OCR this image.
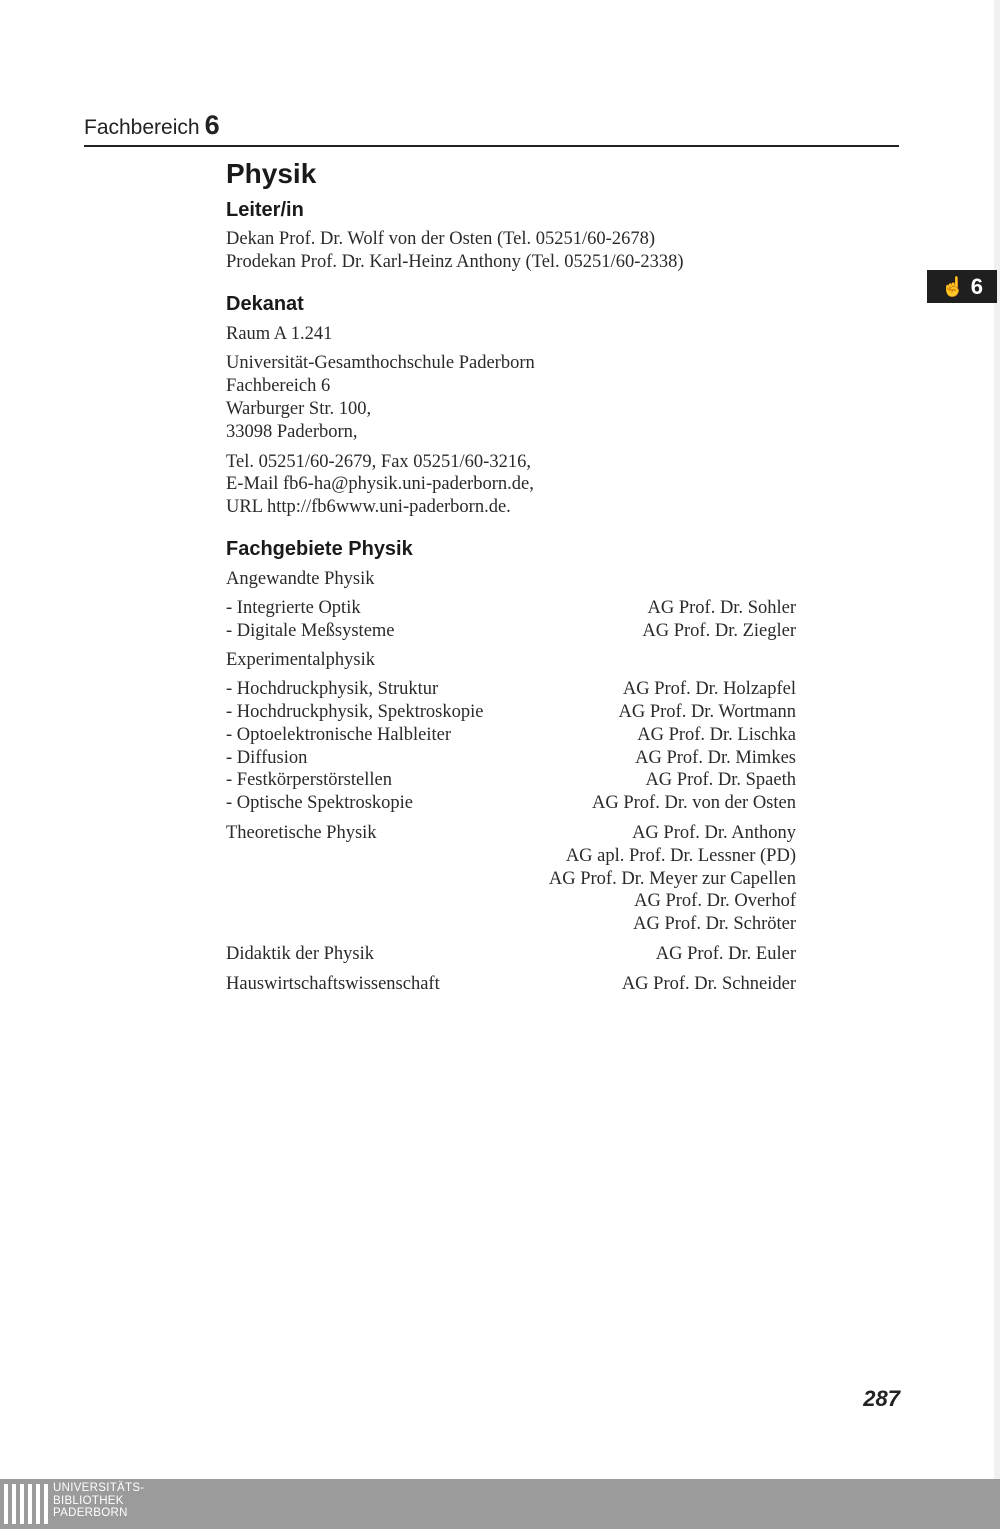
Fachbereich 6
☝ 6
Physik
Leiter/in
Dekan Prof. Dr. Wolf von der Osten (Tel. 05251/60-2678)
Prodekan Prof. Dr. Karl-Heinz Anthony (Tel. 05251/60-2338)
Dekanat
Raum A 1.241
Universität-Gesamthochschule Paderborn
Fachbereich 6
Warburger Str. 100,
33098 Paderborn,
Tel. 05251/60-2679, Fax 05251/60-3216,
E-Mail fb6-ha@physik.uni-paderborn.de,
URL http://fb6www.uni-paderborn.de.
Fachgebiete Physik
Angewandte Physik
- Integrierte Optik	AG Prof. Dr. Sohler
- Digitale Meßsysteme	AG Prof. Dr. Ziegler
Experimentalphysik
- Hochdruckphysik, Struktur	AG Prof. Dr. Holzapfel
- Hochdruckphysik, Spektroskopie	AG Prof. Dr. Wortmann
- Optoelektronische Halbleiter	AG Prof. Dr. Lischka
- Diffusion	AG Prof. Dr. Mimkes
- Festkörperstörstellen	AG Prof. Dr. Spaeth
- Optische Spektroskopie	AG Prof. Dr. von der Osten
Theoretische Physik	AG Prof. Dr. Anthony
AG apl. Prof. Dr. Lessner (PD)
AG Prof. Dr. Meyer zur Capellen
AG Prof. Dr. Overhof
AG Prof. Dr. Schröter
Didaktik der Physik	AG Prof. Dr. Euler
Hauswirtschaftswissenschaft	AG Prof. Dr. Schneider
287
UNIVERSITÄTS-
BIBLIOTHEK
PADERBORN
